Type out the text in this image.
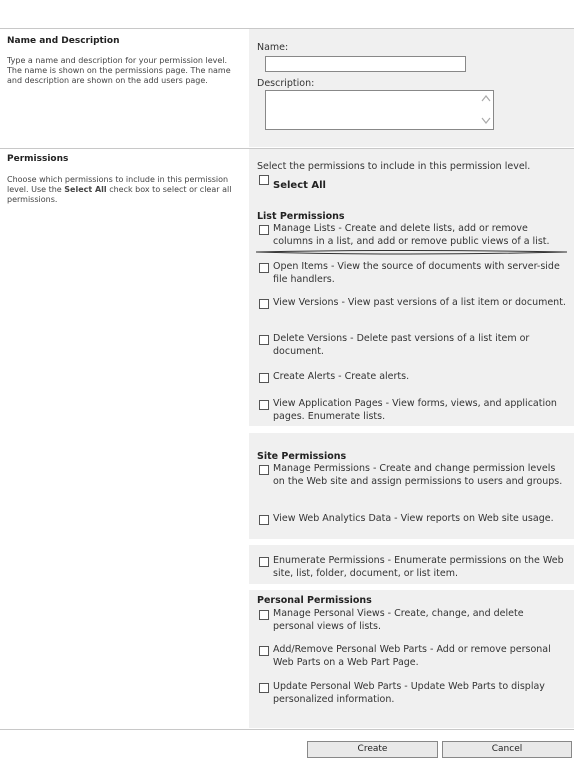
Name and Description
Type a name and description for your permission level. The name is shown on the permissions page. The name and description are shown on the add users page.
Name:
Description:
Permissions
Choose which permissions to include in this permission level. Use the Select All check box to select or clear all permissions.
Select the permissions to include in this permission level.
Select All
List Permissions
Manage Lists - Create and delete lists, add or remove columns in a list, and add or remove public views of a list.
Open Items - View the source of documents with server-side file handlers.
View Versions - View past versions of a list item or document.
Delete Versions - Delete past versions of a list item or document.
Create Alerts - Create alerts.
View Application Pages - View forms, views, and application pages. Enumerate lists.
Site Permissions
Manage Permissions - Create and change permission levels on the Web site and assign permissions to users and groups.
View Web Analytics Data - View reports on Web site usage.
Enumerate Permissions - Enumerate permissions on the Web site, list, folder, document, or list item.
Personal Permissions
Manage Personal Views - Create, change, and delete personal views of lists.
Add/Remove Personal Web Parts - Add or remove personal Web Parts on a Web Part Page.
Update Personal Web Parts - Update Web Parts to display personalized information.
Create	Cancel
